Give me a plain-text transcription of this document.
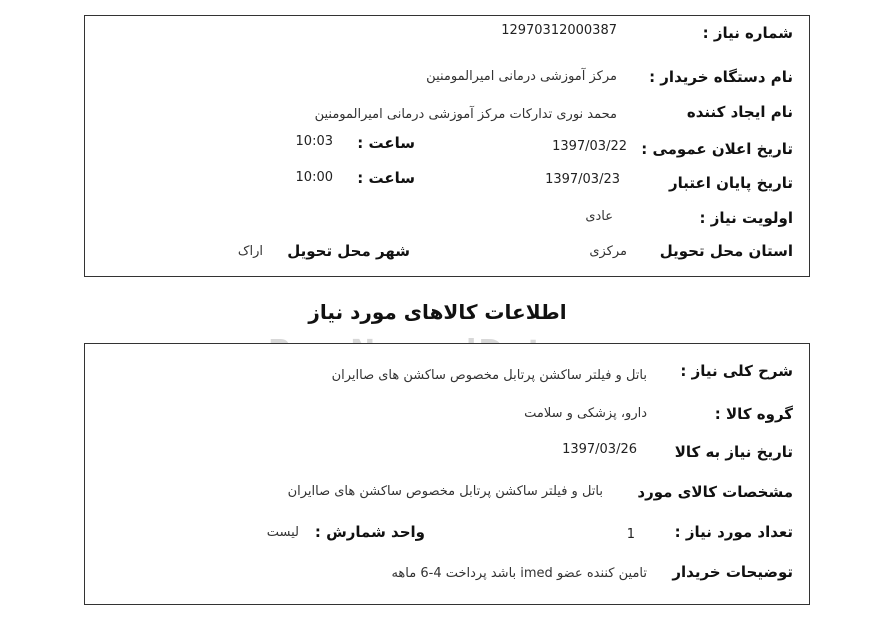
شماره نیاز :
12970312000387
نام دستگاه خریدار :
مرکز آموزشی درمانی امیرالمومنین
نام ایجاد کننده
محمد نوری تدارکات مرکز آموزشی درمانی امیرالمومنین
تاریخ اعلان عمومی :
1397/03/22
ساعت :
10:03
تاریخ پایان اعتبار
1397/03/23
ساعت :
10:00
اولویت نیاز :
عادی
استان محل تحویل
مرکزی
شهر محل تحویل
اراک
اطلاعات کالاهای مورد نیاز
شرح کلی نیاز :
باتل و فیلتر ساکشن پرتابل مخصوص ساکشن های صاایران
گروه کالا :
دارو، پزشکی و سلامت
تاریخ نیاز به کالا
1397/03/26
مشخصات کالای مورد
باتل و فیلتر ساکشن پرتابل مخصوص ساکشن های صاایران
تعداد مورد نیاز :
1
واحد شمارش :
لیست
توضیحات خریدار
تامین کننده عضو imed باشد پرداخت 4-6 ماهه
